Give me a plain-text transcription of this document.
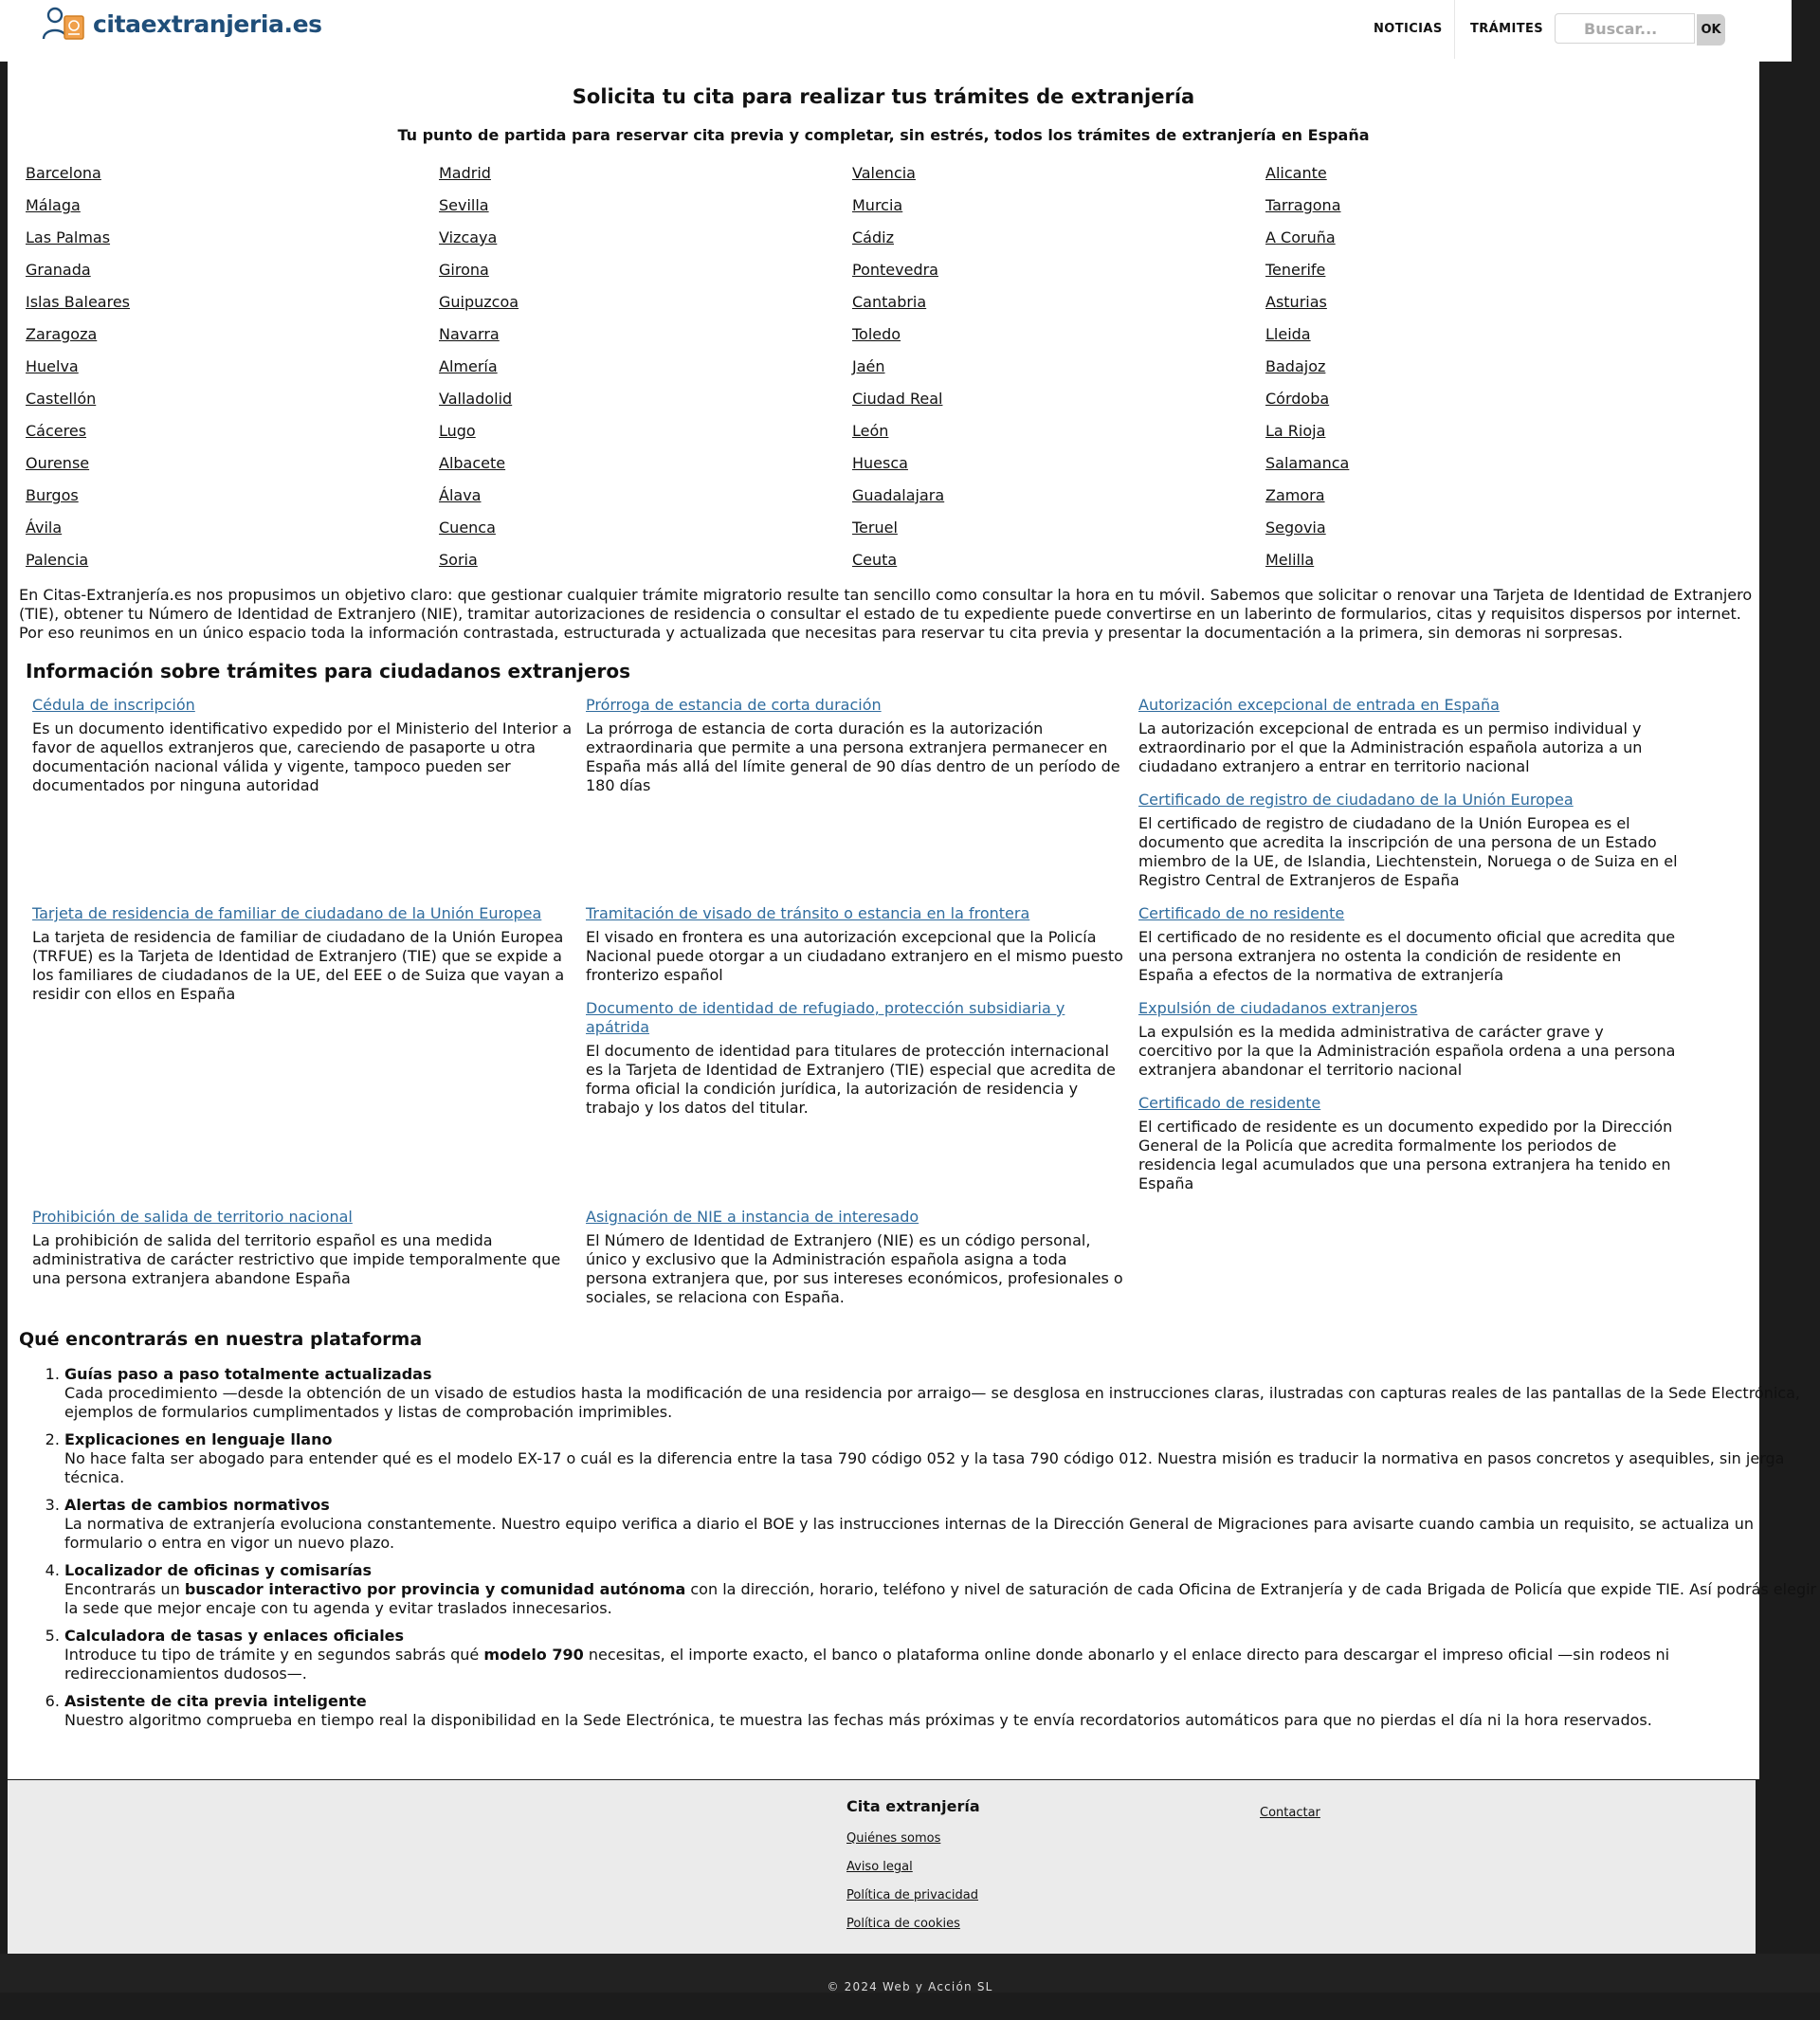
citaextranjeria.es	NOTICIAS	TRÁMITES
Buscar...	OK
Solicita tu cita para realizar tus trámites de extranjería

Tu punto de partida para reservar cita previa y completar, sin estrés, todos los trámites de extranjería en España

Barcelona	Madrid	Valencia	Alicante
Málaga	Sevilla	Murcia	Tarragona
Las Palmas	Vizcaya	Cádiz	A Coruña
Granada	Girona	Pontevedra	Tenerife
Islas Baleares	Guipuzcoa	Cantabria	Asturias
Zaragoza	Navarra	Toledo	Lleida
Huelva	Almería	Jaén	Badajoz
Castellón	Valladolid	Ciudad Real	Córdoba
Cáceres	Lugo	León	La Rioja
Ourense	Albacete	Huesca	Salamanca
Burgos	Álava	Guadalajara	Zamora
Ávila	Cuenca	Teruel	Segovia
Palencia	Soria	Ceuta	Melilla

En Citas-Extranjería.es nos propusimos un objetivo claro: que gestionar cualquier trámite migratorio resulte tan sencillo como consultar la hora en tu móvil. Sabemos que solicitar o renovar una Tarjeta de Identidad de Extranjero (TIE), obtener tu Número de Identidad de Extranjero (NIE), tramitar autorizaciones de residencia o consultar el estado de tu expediente puede convertirse en un laberinto de formularios, citas y requisitos dispersos por internet. Por eso reunimos en un único espacio toda la información contrastada, estructurada y actualizada que necesitas para reservar tu cita previa y presentar la documentación a la primera, sin demoras ni sorpresas.

Información sobre trámites para ciudadanos extranjeros
Cédula de inscripción

Es un documento identificativo expedido por el Ministerio del Interior a favor de aquellos extranjeros que, careciendo de pasaporte u otra documentación nacional válida y vigente, tampoco pueden ser documentados por ninguna autoridad

Tarjeta de residencia de familiar de ciudadano de la Unión Europea

La tarjeta de residencia de familiar de ciudadano de la Unión Europea (TRFUE) es la Tarjeta de Identidad de Extranjero (TIE) que se expide a los familiares de ciudadanos de la UE, del EEE o de Suiza que vayan a residir con ellos en España

Prohibición de salida de territorio nacional

La prohibición de salida del territorio español es una medida administrativa de carácter restrictivo que impide temporalmente que una persona extranjera abandone España

Prórroga de estancia de corta duración

La prórroga de estancia de corta duración es la autorización extraordinaria que permite a una persona extranjera permanecer en España más allá del límite general de 90 días dentro de un período de 180 días

Tramitación de visado de tránsito o estancia en la frontera

El visado en frontera es una autorización excepcional que la Policía Nacional puede otorgar a un ciudadano extranjero en el mismo puesto fronterizo español

Documento de identidad de refugiado, protección subsidiaria y apátrida

El documento de identidad para titulares de protección internacional es la Tarjeta de Identidad de Extranjero (TIE) especial que acredita de forma oficial la condición jurídica, la autorización de residencia y trabajo y los datos del titular.

Asignación de NIE a instancia de interesado

El Número de Identidad de Extranjero (NIE) es un código personal, único y exclusivo que la Administración española asigna a toda persona extranjera que, por sus intereses económicos, profesionales o sociales, se relaciona con España.

Autorización excepcional de entrada en España

La autorización excepcional de entrada es un permiso individual y extraordinario por el que la Administración española autoriza a un ciudadano extranjero a entrar en territorio nacional

Certificado de registro de ciudadano de la Unión Europea

El certificado de registro de ciudadano de la Unión Europea es el documento que acredita la inscripción de una persona de un Estado miembro de la UE, de Islandia, Liechtenstein, Noruega o de Suiza en el Registro Central de Extranjeros de España

Certificado de no residente

El certificado de no residente es el documento oficial que acredita que una persona extranjera no ostenta la condición de residente en España a efectos de la normativa de extranjería

Expulsión de ciudadanos extranjeros

La expulsión es la medida administrativa de carácter grave y coercitivo por la que la Administración española ordena a una persona extranjera abandonar el territorio nacional

Certificado de residente

El certificado de residente es un documento expedido por la Dirección General de la Policía que acredita formalmente los periodos de residencia legal acumulados que una persona extranjera ha tenido en España

Qué encontrarás en nuestra plataforma
1. Guías paso a paso totalmente actualizadas
Cada procedimiento —desde la obtención de un visado de estudios hasta la modificación de una residencia por arraigo— se desglosa en instrucciones claras, ilustradas con capturas reales de las pantallas de la Sede Electrónica, ejemplos de formularios cumplimentados y listas de comprobación imprimibles.
2. Explicaciones en lenguaje llano
No hace falta ser abogado para entender qué es el modelo EX-17 o cuál es la diferencia entre la tasa 790 código 052 y la tasa 790 código 012. Nuestra misión es traducir la normativa en pasos concretos y asequibles, sin jerga técnica.
3. Alertas de cambios normativos
La normativa de extranjería evoluciona constantemente. Nuestro equipo verifica a diario el BOE y las instrucciones internas de la Dirección General de Migraciones para avisarte cuando cambia un requisito, se actualiza un formulario o entra en vigor un nuevo plazo.
4. Localizador de oficinas y comisarías
Encontrarás un buscador interactivo por provincia y comunidad autónoma con la dirección, horario, teléfono y nivel de saturación de cada Oficina de Extranjería y de cada Brigada de Policía que expide TIE. Así podrás elegir la sede que mejor encaje con tu agenda y evitar traslados innecesarios.
5. Calculadora de tasas y enlaces oficiales
Introduce tu tipo de trámite y en segundos sabrás qué modelo 790 necesitas, el importe exacto, el banco o plataforma online donde abonarlo y el enlace directo para descargar el impreso oficial —sin rodeos ni redireccionamientos dudosos—.
6. Asistente de cita previa inteligente
Nuestro algoritmo comprueba en tiempo real la disponibilidad en la Sede Electrónica, te muestra las fechas más próximas y te envía recordatorios automáticos para que no pierdas el día ni la hora reservados.
Cita extranjería
Quiénes somos
Aviso legal
Política de privacidad
Política de cookies
Contactar
© 2024 Web y Acción SL
